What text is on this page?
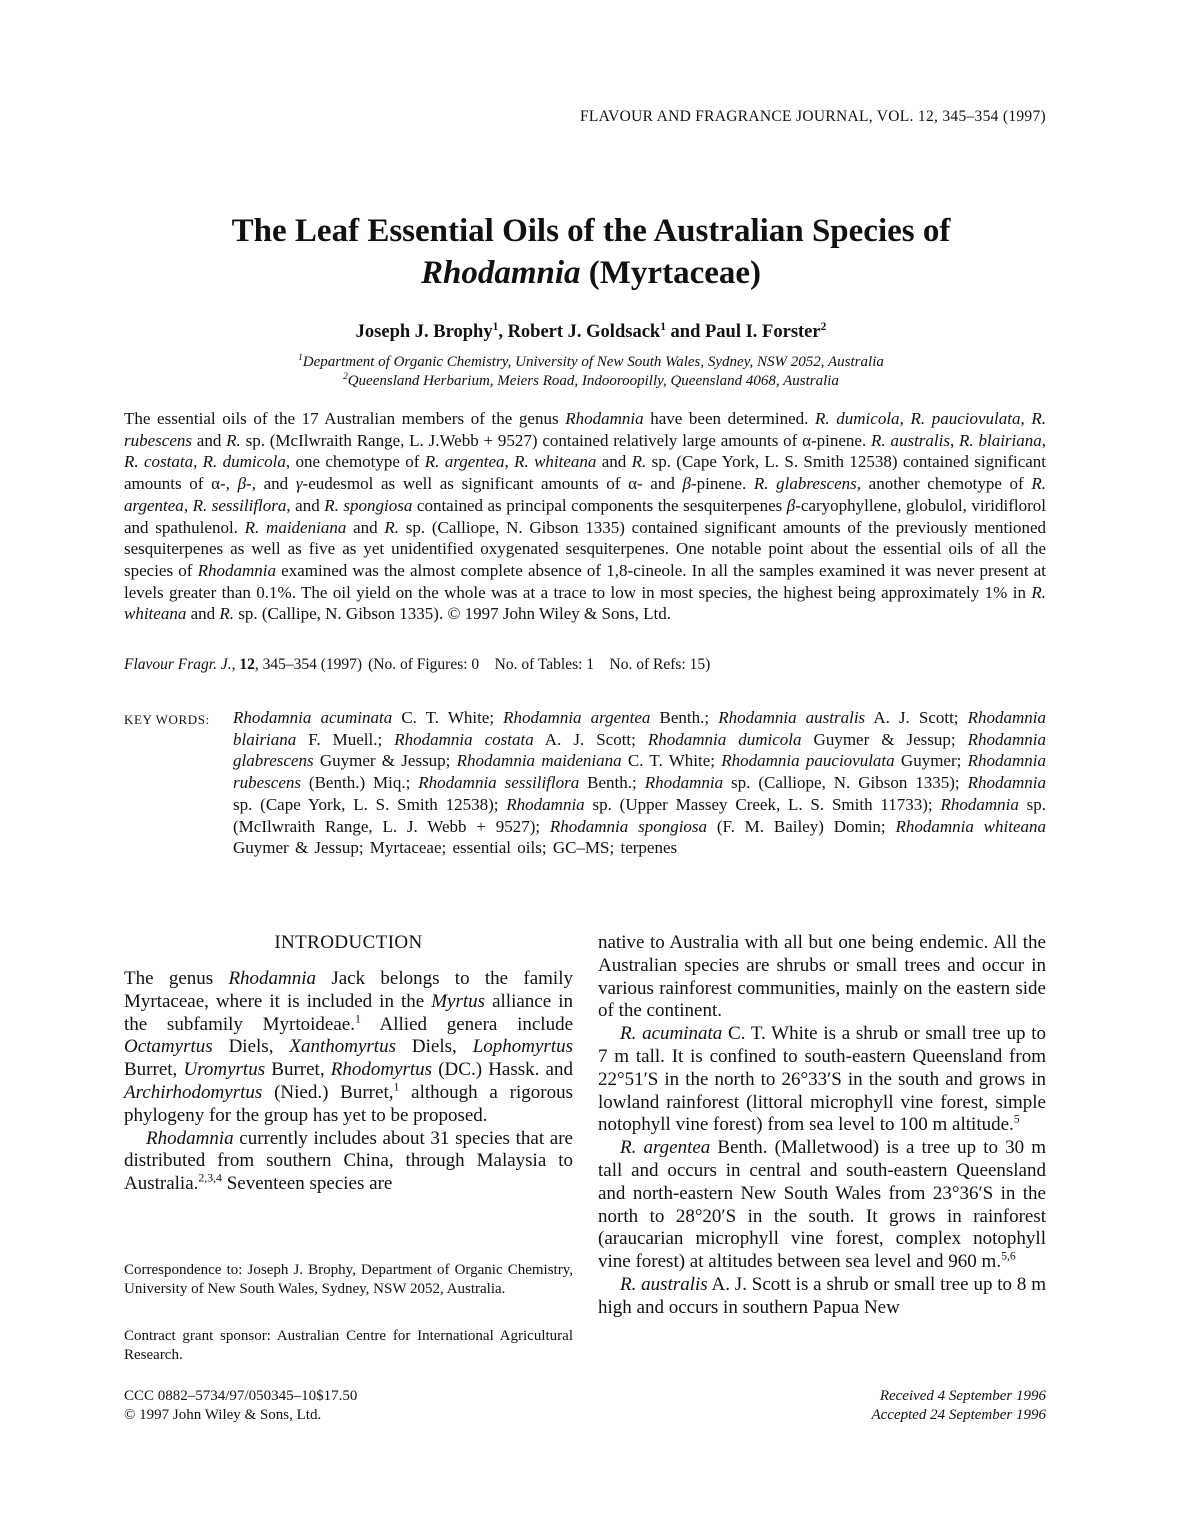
FLAVOUR AND FRAGRANCE JOURNAL, VOL. 12, 345–354 (1997)
The Leaf Essential Oils of the Australian Species of
Rhodamnia (Myrtaceae)
Joseph J. Brophy$^1$, Robert J. Goldsack$^1$ and Paul I. Forster$^2$
$^1$Department of Organic Chemistry, University of New South Wales, Sydney, NSW 2052, Australia
$^2$Queensland Herbarium, Meiers Road, Indooroopilly, Queensland 4068, Australia
The essential oils of the 17 Australian members of the genus Rhodamnia have been determined. R. dumicola, R. pauciovulata, R. rubescens and R. sp. (McIlwraith Range, L. J.Webb + 9527) contained relatively large amounts of α-pinene. R. australis, R. blairiana, R. costata, R. dumicola, one chemotype of R. argentea, R. whiteana and R. sp. (Cape York, L. S. Smith 12538) contained significant amounts of α-, β-, and γ-eudesmol as well as significant amounts of α- and β-pinene. R. glabrescens, another chemotype of R. argentea, R. sessiliflora, and R. spongiosa contained as principal components the sesquiterpenes β-caryophyllene, globulol, viridiflorol and spathulenol. R. maideniana and R. sp. (Calliope, N. Gibson 1335) contained significant amounts of the previously mentioned sesquiterpenes as well as five as yet unidentified oxygenated sesquiterpenes. One notable point about the essential oils of all the species of Rhodamnia examined was the almost complete absence of 1,8-cineole. In all the samples examined it was never present at levels greater than 0.1%. The oil yield on the whole was at a trace to low in most species, the highest being approximately 1% in R. whiteana and R. sp. (Callipe, N. Gibson 1335). © 1997 John Wiley & Sons, Ltd.
Flavour Fragr. J., 12, 345–354 (1997) (No. of Figures: 0    No. of Tables: 1    No. of Refs: 15)
KEY WORDS: Rhodamnia acuminata C. T. White; Rhodamnia argentea Benth.; Rhodamnia australis A. J. Scott; Rhodamnia blairiana F. Muell.; Rhodamnia costata A. J. Scott; Rhodamnia dumicola Guymer & Jessup; Rhodamnia glabrescens Guymer & Jessup; Rhodamnia maideniana C. T. White; Rhodamnia pauciovulata Guymer; Rhodamnia rubescens (Benth.) Miq.; Rhodamnia sessiliflora Benth.; Rhodamnia sp. (Calliope, N. Gibson 1335); Rhodamnia sp. (Cape York, L. S. Smith 12538); Rhodamnia sp. (Upper Massey Creek, L. S. Smith 11733); Rhodamnia sp. (McIlwraith Range, L. J. Webb + 9527); Rhodamnia spongiosa (F. M. Bailey) Domin; Rhodamnia whiteana Guymer & Jessup; Myrtaceae; essential oils; GC–MS; terpenes
INTRODUCTION

The genus Rhodamnia Jack belongs to the family Myrtaceae, where it is included in the Myrtus alliance in the subfamily Myrtoideae.$^1$ Allied genera include Octamyrtus Diels, Xanthomyrtus Diels, Lophomyrtus Burret, Uromyrtus Burret, Rhodomyrtus (DC.) Hassk. and Archirhodomyrtus (Nied.) Burret,$^1$ although a rigorous phylogeny for the group has yet to be proposed.

Rhodamnia currently includes about 31 species that are distributed from southern China, through Malaysia to Australia.$^{2,3,4}$ Seventeen species are

native to Australia with all but one being endemic. All the Australian species are shrubs or small trees and occur in various rainforest communities, mainly on the eastern side of the continent.

R. acuminata C. T. White is a shrub or small tree up to 7 m tall. It is confined to south-eastern Queensland from 22°51′S in the north to 26°33′S in the south and grows in lowland rainforest (littoral microphyll vine forest, simple notophyll vine forest) from sea level to 100 m altitude.$^5$

R. argentea Benth. (Malletwood) is a tree up to 30 m tall and occurs in central and south-eastern Queensland and north-eastern New South Wales from 23°36′S in the north to 28°20′S in the south. It grows in rainforest (araucarian microphyll vine forest, complex notophyll vine forest) at altitudes between sea level and 960 m.$^{5,6}$

R. australis A. J. Scott is a shrub or small tree up to 8 m high and occurs in southern Papua New

Correspondence to: Joseph J. Brophy, Department of Organic Chemistry, University of New South Wales, Sydney, NSW 2052, Australia.

Contract grant sponsor: Australian Centre for International Agricultural Research.

CCC 0882–5734/97/050345–10$17.50
© 1997 John Wiley & Sons, Ltd.
Received 4 September 1996
Accepted 24 September 1996
